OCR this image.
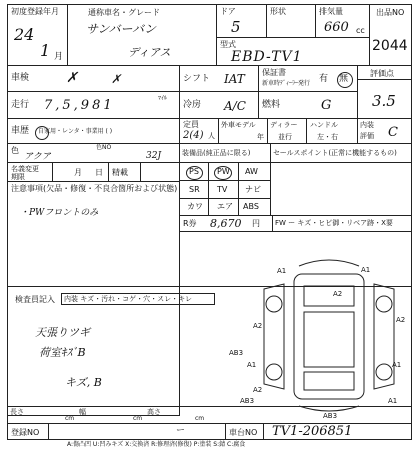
初度登録年月
24
1 月
通称車名・グレード
サンバーバン
ディアス
ドア
5
形状	排気量
660 cc
型式
EBD-TV1
出品NO
2044
車検	✗	✗	シフト IAT 保証書
新車時ﾃﾞｨｰﾗｰ発行 有 無
評価点
3.5
走行 7,5,981	ﾏｲﾙ
冷房 A/C 燃料	G
車歴 自家用・レンタ・事業用 ( )
定員
2(4) 人
外車モデル
年
ディラー
並行
ハンドル
左・右
内装
評価 C
色
アクア
色NO
32J	装備品(純正品に限る)	セールスポイント(正常に機能するもの)
名義変更期限	月 日 精載	PS PW AW
SR TV ナビ
カワ エア ABS
注意事項(欠品・修復・不良合箇所および状態)
・PWフロントのみ
R券 8,670 円 FW ー キズ・ヒビ御・リベア跡・X要
検査員記入 内装 キズ・汚れ・コゲ・穴・スレ・キレ
天張りツギ
荷室ｷｽﾞB
キズ, B
A1	A1
A2
A2
A2
AB3
A1	A1
A2
AB3	A1
AB3
長さ
cm
幅
cm
高さ
cm
登録NO	ー	車台NO TV1-206851
A:傷凸凹 U:凹みキズ X:交換済 R:修理済(修復) P:塗装 S:錆 C:腐食
